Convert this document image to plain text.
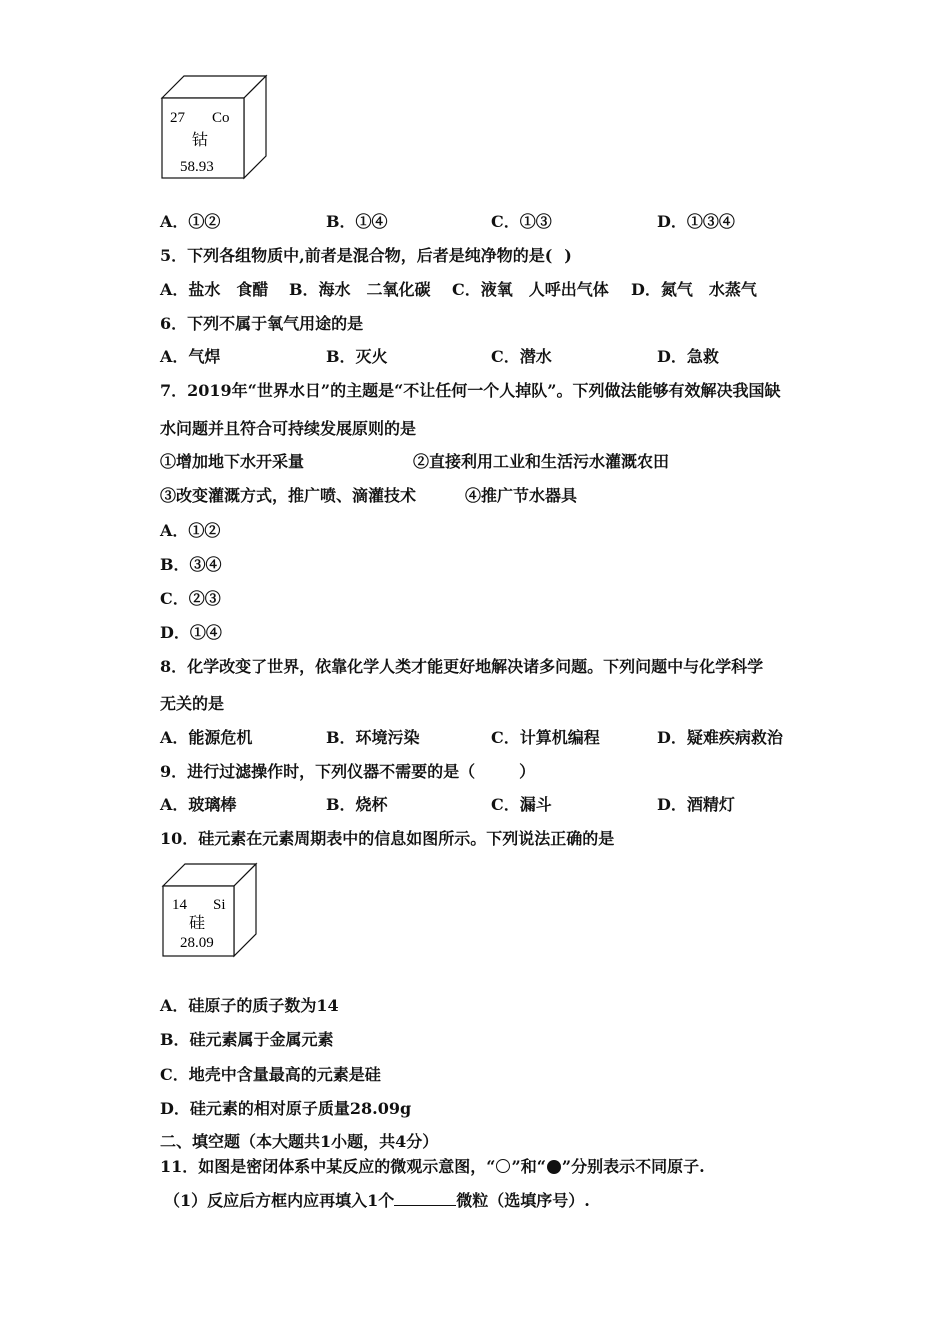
27 Co
钴
58.93
A．①②	B．①④	C．①③	D．①③④
5．下列各组物质中,前者是混合物，后者是纯净物的是( )
A．盐水　食醋 B．海水　二氧化碳 C．液氧　人呼出气体 D．氮气　水蒸气
6．下列不属于氧气用途的是
A．气焊	B．灭火	C．潜水	D．急救
7．2019年“世界水日”的主题是“不让任何一个人掉队”。下列做法能够有效解决我国缺
水问题并且符合可持续发展原则的是
①增加地下水开采量	②直接利用工业和生活污水灌溉农田
③改变灌溉方式，推广喷、滴灌技术	④推广节水器具
A．①②
B．③④
C．②③
D．①④
8．化学改变了世界，依靠化学人类才能更好地解决诸多问题。下列问题中与化学科学
无关的是
A．能源危机	B．环境污染	C．计算机编程	D．疑难疾病救治
9．进行过滤操作时，下列仪器不需要的是（	）
A．玻璃棒	B．烧杯	C．漏斗	D．酒精灯
10．硅元素在元素周期表中的信息如图所示。下列说法正确的是
14 Si
硅
28.09
A．硅原子的质子数为14
B．硅元素属于金属元素
C．地壳中含量最高的元素是硅
D．硅元素的相对原子质量28.09g
二、填空题（本大题共1小题，共4分）
11．如图是密闭体系中某反应的微观示意图，“ ”和“ ”分别表示不同原子.
（1）反应后方框内应再填入1个	微粒（选填序号）.
